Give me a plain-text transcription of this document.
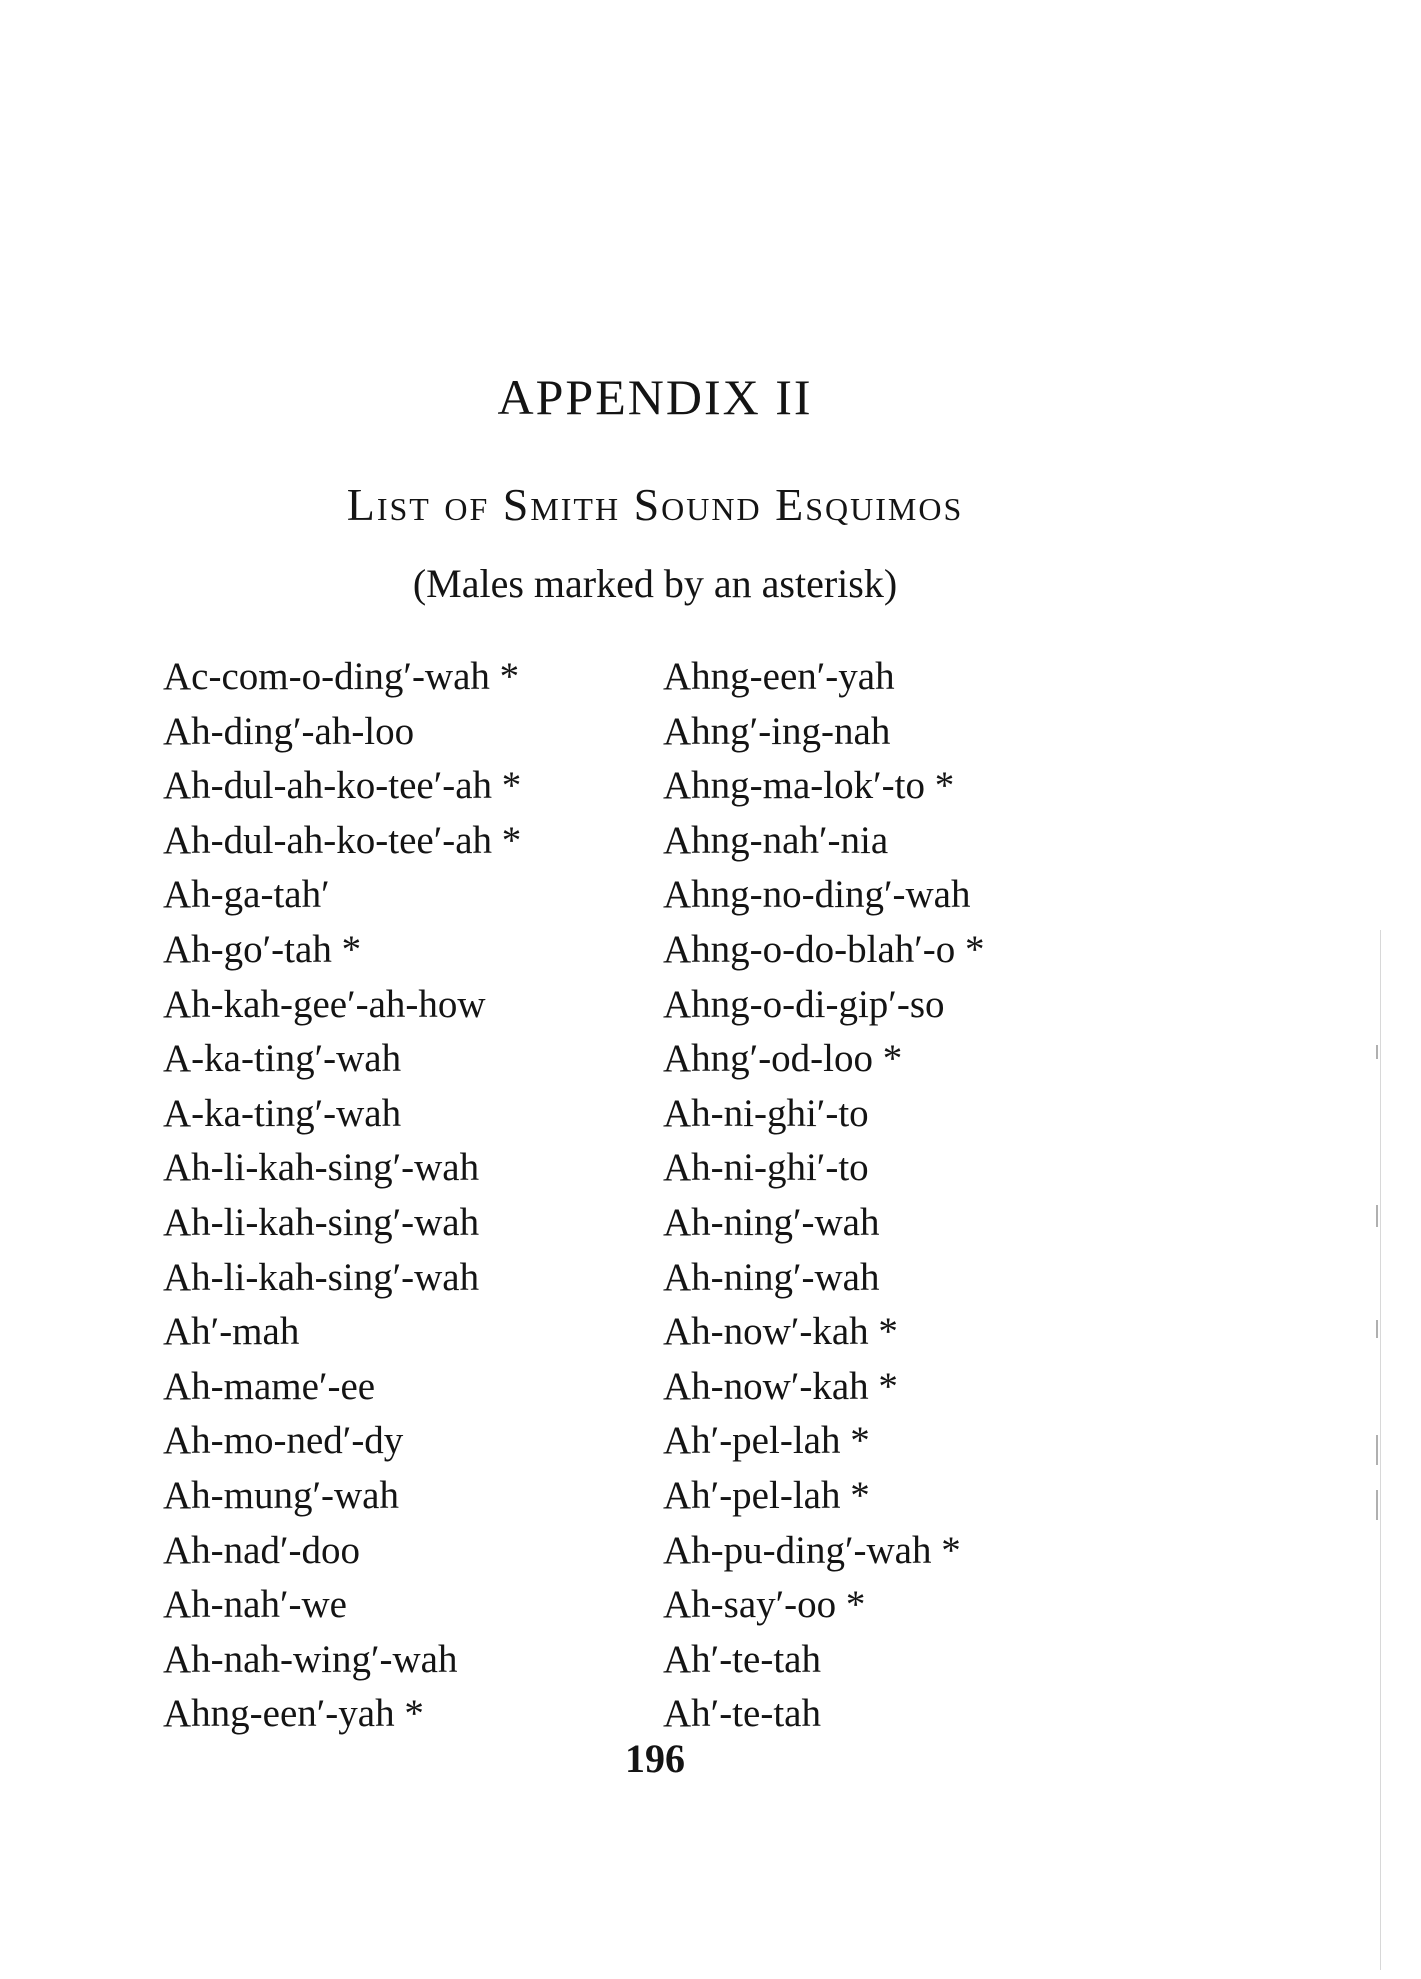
APPENDIX II
List of Smith Sound Esquimos

(Males marked by an asterisk)

Ac-com-o-ding′-wah *
Ah-ding′-ah-loo
Ah-dul-ah-ko-tee′-ah *
Ah-dul-ah-ko-tee′-ah *
Ah-ga-tah′
Ah-go′-tah *
Ah-kah-gee′-ah-how
A-ka-ting′-wah
A-ka-ting′-wah
Ah-li-kah-sing′-wah
Ah-li-kah-sing′-wah
Ah-li-kah-sing′-wah
Ah′-mah
Ah-mame′-ee
Ah-mo-ned′-dy
Ah-mung′-wah
Ah-nad′-doo
Ah-nah′-we
Ah-nah-wing′-wah
Ahng-een′-yah *
Ahng-een′-yah
Ahng′-ing-nah
Ahng-ma-lok′-to *
Ahng-nah′-nia
Ahng-no-ding′-wah
Ahng-o-do-blah′-o *
Ahng-o-di-gip′-so
Ahng′-od-loo *
Ah-ni-ghi′-to
Ah-ni-ghi′-to
Ah-ning′-wah
Ah-ning′-wah
Ah-now′-kah *
Ah-now′-kah *
Ah′-pel-lah *
Ah′-pel-lah *
Ah-pu-ding′-wah *
Ah-say′-oo *
Ah′-te-tah
Ah′-te-tah

196
